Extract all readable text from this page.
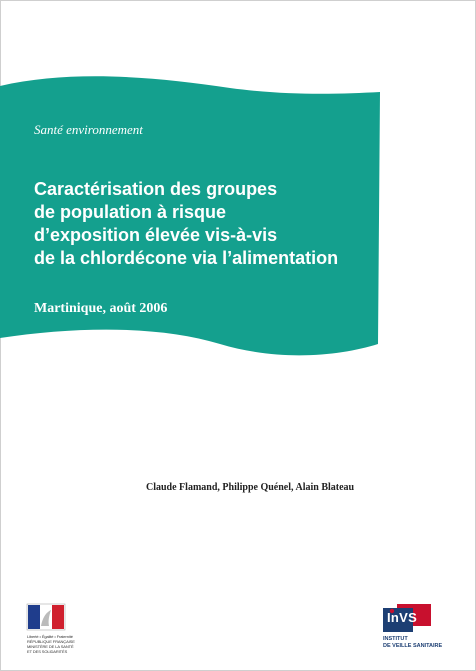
Santé environnement
Caractérisation des groupes
de population à risque
d’exposition élevée vis-à-vis
de la chlordécone via l’alimentation
Martinique, août 2006
Claude Flamand, Philippe Quénel, Alain Blateau
Liberté • Égalité • Fraternité
RÉPUBLIQUE FRANÇAISE
MINISTÈRE DE LA SANTÉ
ET DES SOLIDARITÉS
InVS
INSTITUT
DE VEILLE SANITAIRE
